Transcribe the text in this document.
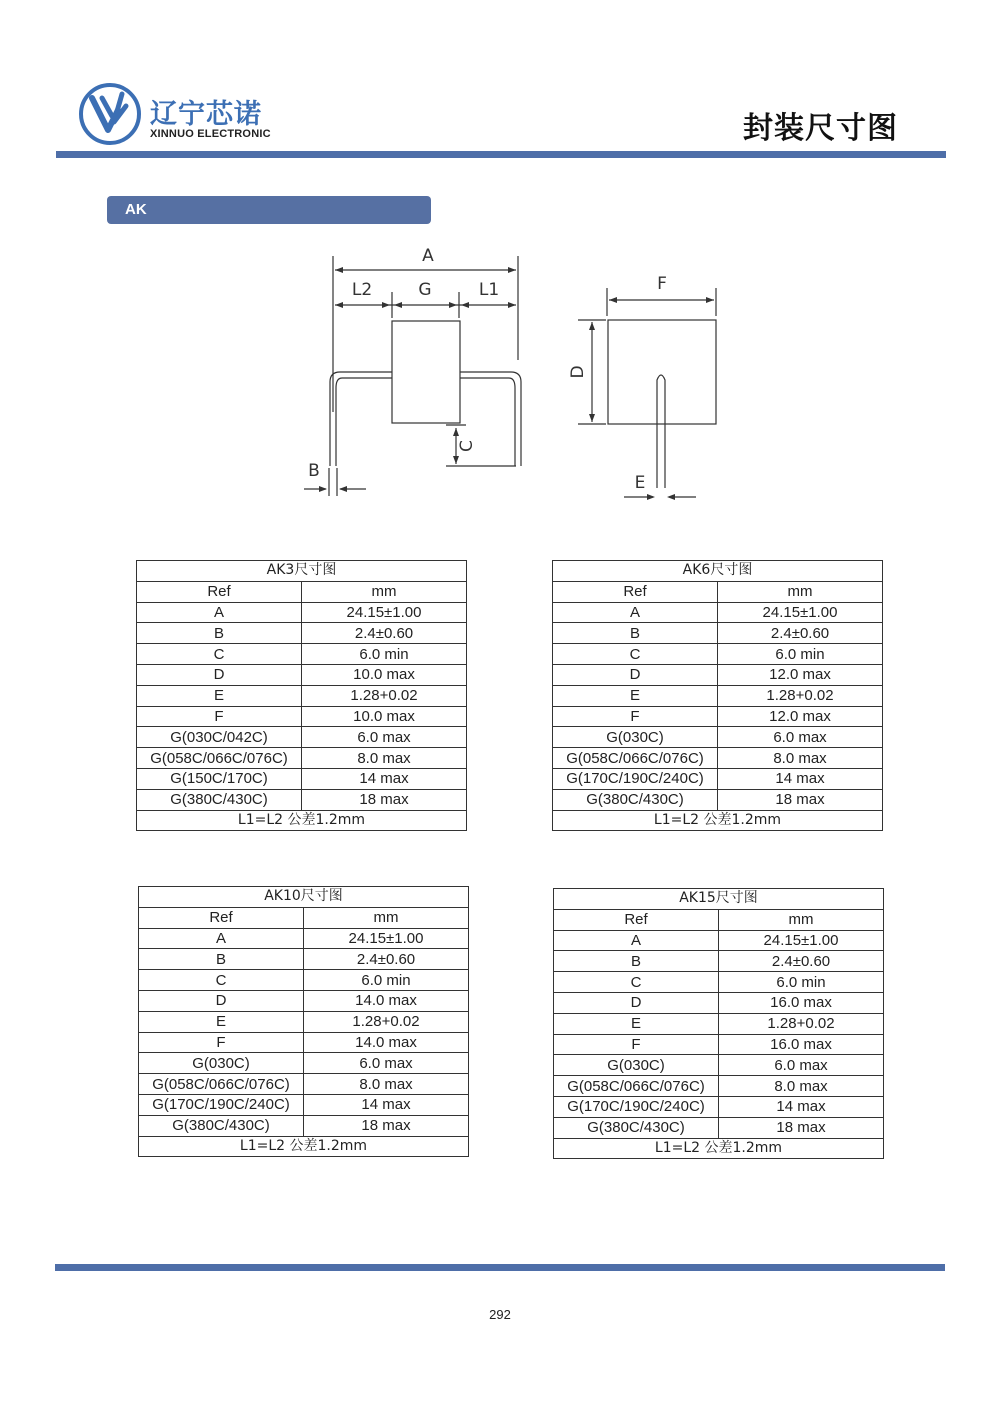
辽宁芯诺
XINNUO ELECTRONIC	封装尺寸图
AK
A
L2	G	L1
B
F
E
C
D
AK3尺寸图	
Ref	mm
A	24.15±1.00
B	2.4±0.60
C	6.0 min
D	10.0 max
E	1.28+0.02
F	10.0 max
G(030C/042C)	6.0 max
G(058C/066C/076C)	8.0 max
G(150C/170C)	14 max
G(380C/430C)	18 max
L1=L2 公差1.2mm	
AK6尺寸图	
Ref	mm
A	24.15±1.00
B	2.4±0.60
C	6.0 min
D	12.0 max
E	1.28+0.02
F	12.0 max
G(030C)	6.0 max
G(058C/066C/076C)	8.0 max
G(170C/190C/240C)	14 max
G(380C/430C)	18 max
L1=L2 公差1.2mm	
AK10尺寸图	
Ref	mm
A	24.15±1.00
B	2.4±0.60
C	6.0 min
D	14.0 max
E	1.28+0.02
F	14.0 max
G(030C)	6.0 max
G(058C/066C/076C)	8.0 max
G(170C/190C/240C)	14 max
G(380C/430C)	18 max
L1=L2 公差1.2mm	
AK15尺寸图	
Ref	mm
A	24.15±1.00
B	2.4±0.60
C	6.0 min
D	16.0 max
E	1.28+0.02
F	16.0 max
G(030C)	6.0 max
G(058C/066C/076C)	8.0 max
G(170C/190C/240C)	14 max
G(380C/430C)	18 max
L1=L2 公差1.2mm	
292
